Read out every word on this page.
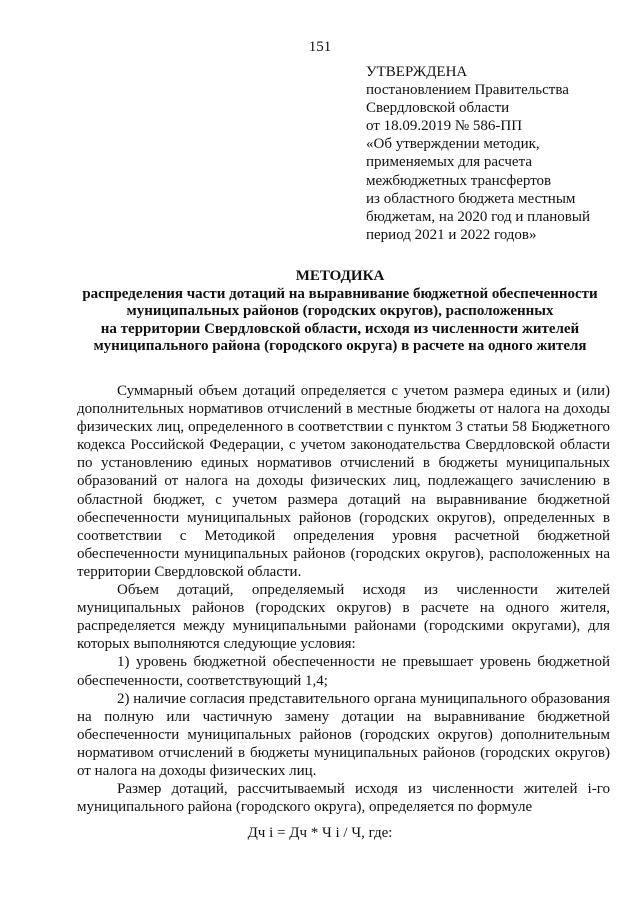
151
УТВЕРЖДЕНА
постановлением Правительства
Свердловской области
от 18.09.2019 № 586-ПП
«Об утверждении методик,
применяемых для расчета
межбюджетных трансфертов
из областного бюджета местным
бюджетам, на 2020 год и плановый
период 2021 и 2022 годов»
МЕТОДИКА
распределения части дотаций на выравнивание бюджетной обеспеченности
муниципальных районов (городских округов), расположенных
на территории Свердловской области, исходя из численности жителей
муниципального района (городского округа) в расчете на одного жителя

Суммарный объем дотаций определяется с учетом размера единых и (или) дополнительных нормативов отчислений в местные бюджеты от налога на доходы физических лиц, определенного в соответствии с пунктом 3 статьи 58 Бюджетного кодекса Российской Федерации, с учетом законодательства Свердловской области по установлению единых нормативов отчислений в бюджеты муниципальных образований от налога на доходы физических лиц, подлежащего зачислению в областной бюджет, с учетом размера дотаций на выравнивание бюджетной обеспеченности муниципальных районов (городских округов), определенных в соответствии с Методикой определения уровня расчетной бюджетной обеспеченности муниципальных районов (городских округов), расположенных на территории Свердловской области.

Объем дотаций, определяемый исходя из численности жителей муниципальных районов (городских округов) в расчете на одного жителя, распределяется между муниципальными районами (городскими округами), для которых выполняются следующие условия:

1) уровень бюджетной обеспеченности не превышает уровень бюджетной обеспеченности, соответствующий 1,4;

2) наличие согласия представительного органа муниципального образования на полную или частичную замену дотации на выравнивание бюджетной обеспеченности муниципальных районов (городских округов) дополнительным нормативом отчислений в бюджеты муниципальных районов (городских округов) от налога на доходы физических лиц.

Размер дотаций, рассчитываемый исходя из численности жителей i-го муниципального района (городского округа), определяется по формуле

Дч i = Дч * Ч i / Ч, где:
